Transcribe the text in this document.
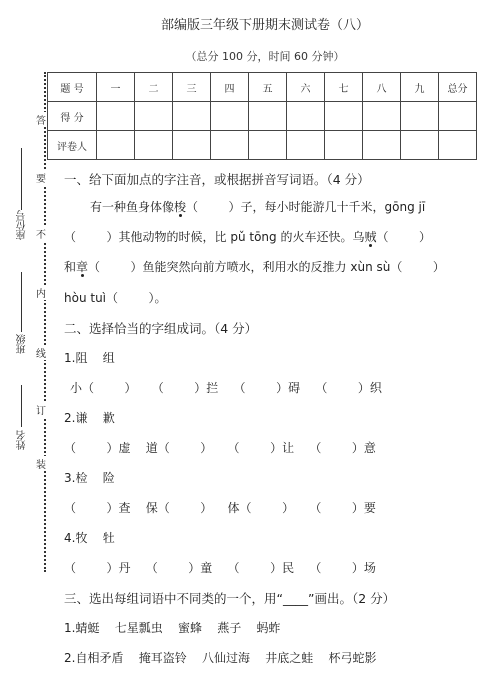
部编版三年级下册期末测试卷（八）
（总分 100 分，时间 60 分钟）
题 号	一	二	三	四	五	六	七	八	九	总分
得 分										
评卷人										
答
要
不
内
线
订
装
座位号
班级
姓名
一、给下面加点的字注音，或根据拼音写词语。（4 分）
有一种鱼身体像梭（        ）子，每小时能游几十千米，gōng jī
（        ）其他动物的时候，比 pǔ tōng 的火车还快。乌贼（        ）
和章（        ）鱼能突然向前方喷水，利用水的反推力 xùn sù（        ）
hòu tuì（        ）。
二、选择恰当的字组成词。（4 分）
1.阻    组
小（        ）    （        ）拦    （        ）碍    （        ）织
2.谦    歉
（        ）虚    道（        ）    （        ）让    （        ）意
3.检    险
（        ）查    保（        ）    体（        ）    （        ）要
4.牧    牡
（        ）丹    （        ）童    （        ）民    （        ）场
三、选出每组词语中不同类的一个，用“____”画出。（2 分）
1.蜻蜓    七星瓢虫    蜜蜂    燕子    蚂蚱
2.自相矛盾    掩耳盗铃    八仙过海    井底之蛙    杯弓蛇影
